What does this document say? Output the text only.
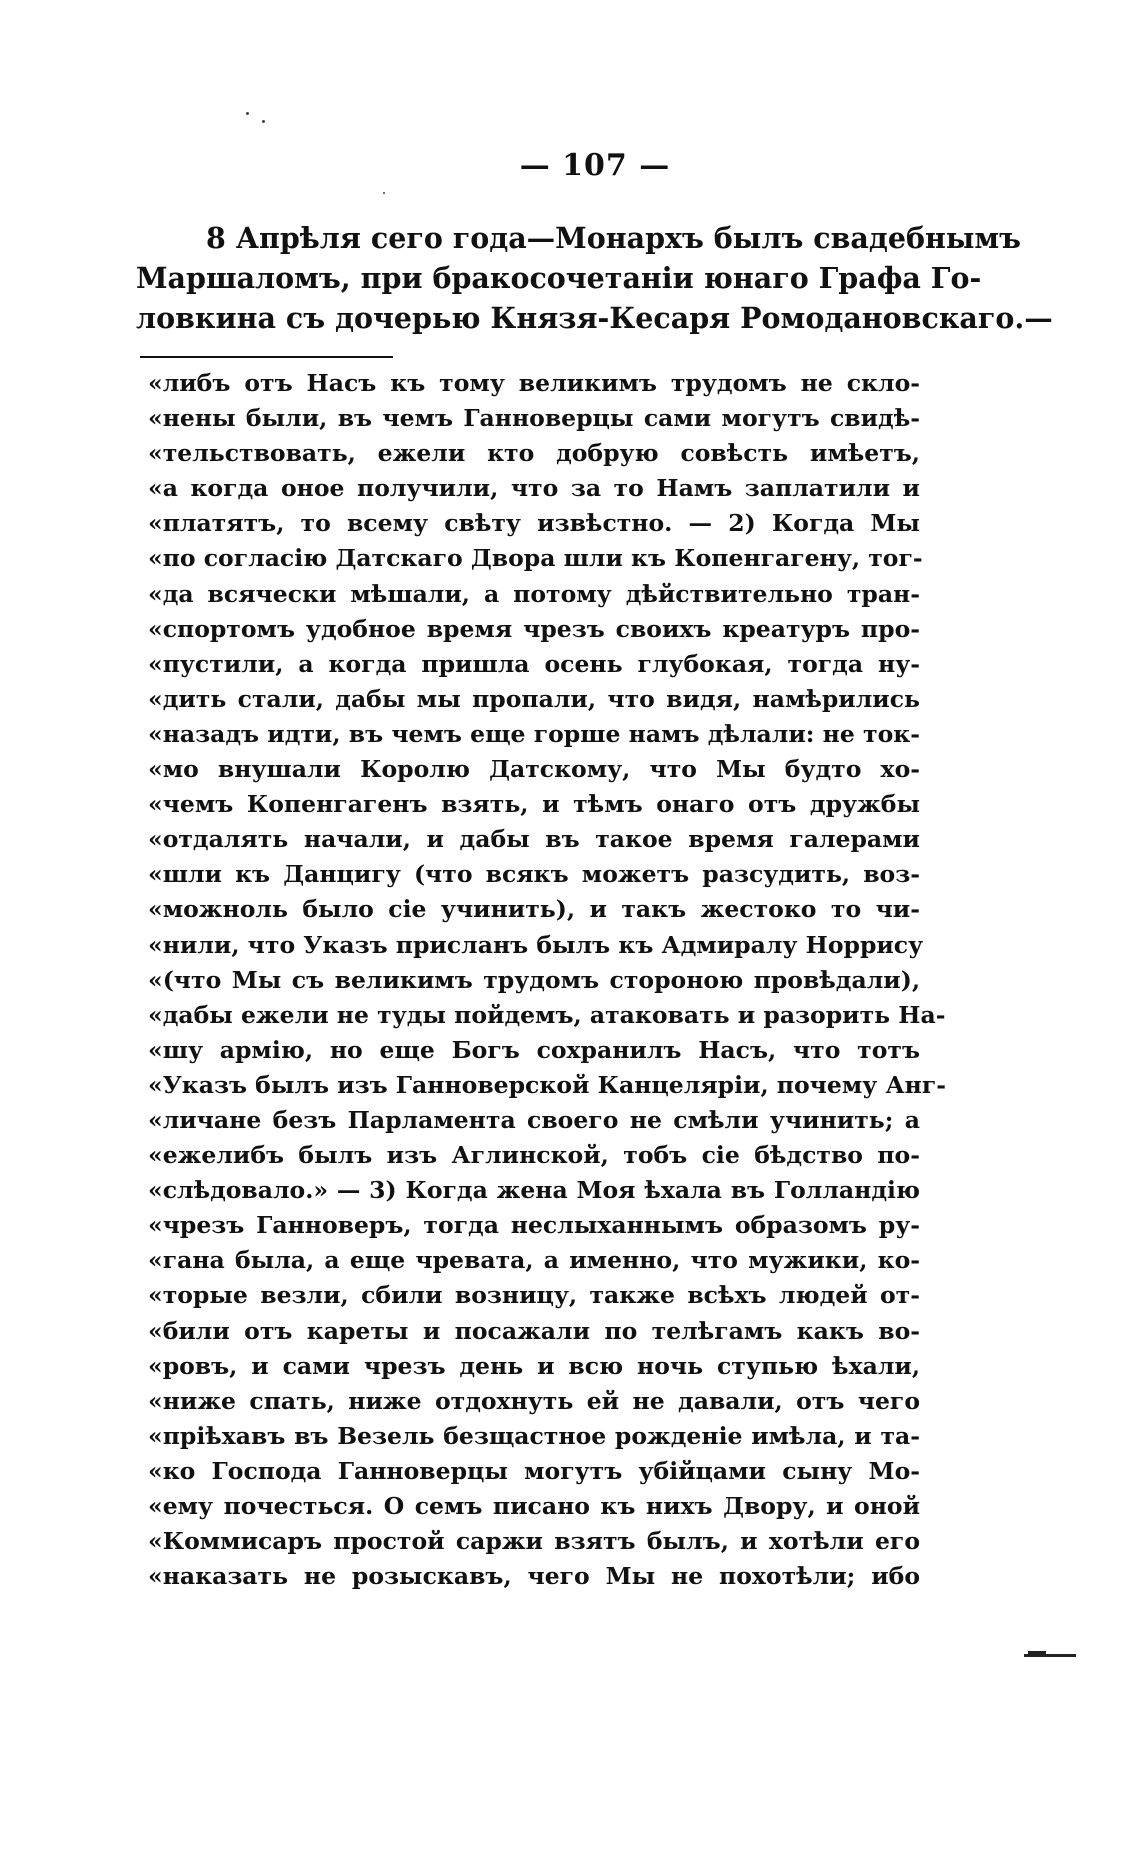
— 107 —
8 Апрѣля сего года—Монархъ былъ свадебнымъ
Маршаломъ, при бракосочетаніи юнаго Графа Го-
ловкина съ дочерью Князя-Кесаря Ромодановскаго.—
«либъ отъ Насъ къ тому великимъ трудомъ не скло-
«нены были, въ чемъ Ганноверцы сами могутъ свидѣ-
«тельствовать, ежели кто добрую совѣсть имѣетъ,
«а когда оное получили, что за то Намъ заплатили и
«платятъ, то всему свѣту извѣстно. — 2) Когда Мы
«по согласію Датскаго Двора шли къ Копенгагену, тог-
«да всячески мѣшали, а потому дѣйствительно тран-
«спортомъ удобное время чрезъ своихъ креатуръ про-
«пустили, а когда пришла осень глубокая, тогда ну-
«дить стали, дабы мы пропали, что видя, намѣрились
«назадъ идти, въ чемъ еще горше намъ дѣлали: не ток-
«мо внушали Королю Датскому, что Мы будто хо-
«чемъ Копенгагенъ взять, и тѣмъ онаго отъ дружбы
«отдалять начали, и дабы въ такое время галерами
«шли къ Данцигу (что всякъ можетъ разсудить, воз-
«можноль было сіе учинить), и такъ жестоко то чи-
«нили, что Указъ присланъ былъ къ Адмиралу Норрису
«(что Мы съ великимъ трудомъ стороною провѣдали),
«дабы ежели не туды пойдемъ, атаковать и разорить На-
«шу армію, но еще Богъ сохранилъ Насъ, что тотъ
«Указъ былъ изъ Ганноверской Канцеляріи, почему Анг-
«личане безъ Парламента своего не смѣли учинить; а
«ежелибъ былъ изъ Аглинской, тобъ сіе бѣдство по-
«слѣдовало.» — 3) Когда жена Моя ѣхала въ Голландію
«чрезъ Ганноверъ, тогда неслыханнымъ образомъ ру-
«гана была, а еще чревата, а именно, что мужики, ко-
«торые везли, сбили возницу, также всѣхъ людей от-
«били отъ кареты и посажали по телѣгамъ какъ во-
«ровъ, и сами чрезъ день и всю ночь ступью ѣхали,
«ниже спать, ниже отдохнуть ей не давали, отъ чего
«пріѣхавъ въ Везель безщастное рожденіе имѣла, и та-
«ко Господа Ганноверцы могутъ убійцами сыну Мо-
«ему почесться. О семъ писано къ нихъ Двору, и оной
«Коммисаръ простой саржи взятъ былъ, и хотѣли его
«наказать не розыскавъ, чего Мы не похотѣли; ибо
